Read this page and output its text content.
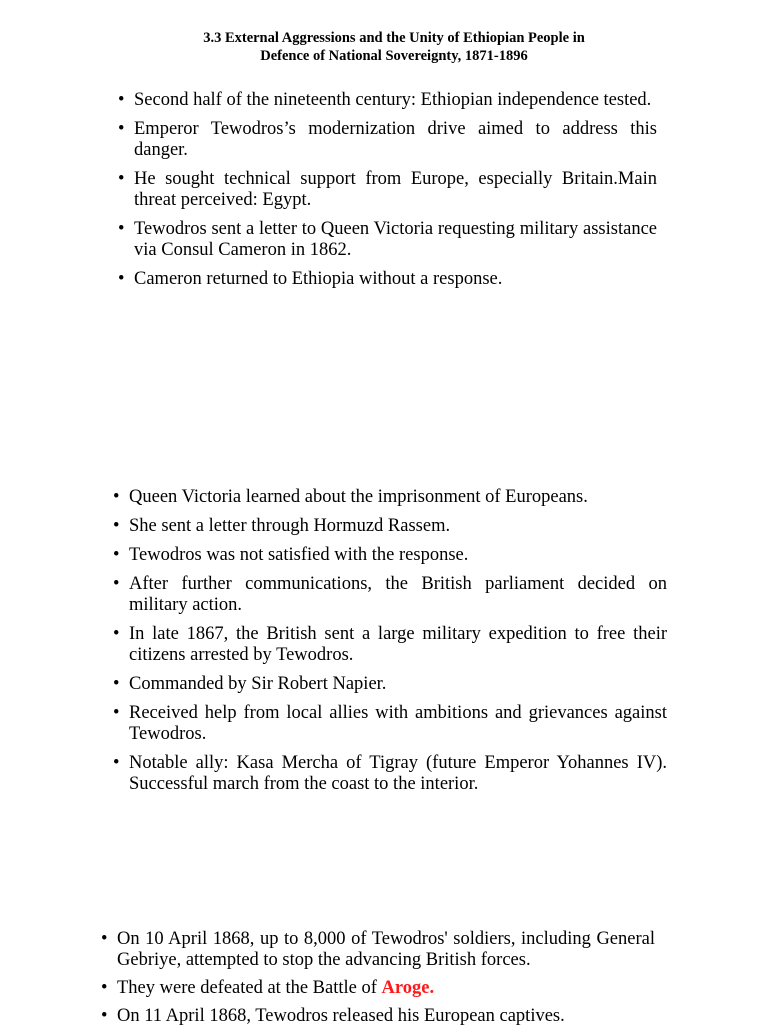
3.3 External Aggressions and the Unity of Ethiopian People in
Defence of National Sovereignty, 1871-1896
• Second half of the nineteenth century: Ethiopian independence tested.
• Emperor Tewodros’s modernization drive aimed to address this danger.
• He sought technical support from Europe, especially Britain.Main threat perceived: Egypt.
• Tewodros sent a letter to Queen Victoria requesting military assistance via Consul Cameron in 1862.
• Cameron returned to Ethiopia without a response.
• Queen Victoria learned about the imprisonment of Europeans.
• She sent a letter through Hormuzd Rassem.
• Tewodros was not satisfied with the response.
• After further communications, the British parliament decided on military action.
• In late 1867, the British sent a large military expedition to free their citizens arrested by Tewodros.
• Commanded by Sir Robert Napier.
• Received help from local allies with ambitions and grievances against Tewodros.
• Notable ally: Kasa Mercha of Tigray (future Emperor Yohannes IV). Successful march from the coast to the interior.
• On 10 April 1868, up to 8,000 of Tewodros' soldiers, including General Gebriye, attempted to stop the advancing British forces.
• They were defeated at the Battle of Aroge.
• On 11 April 1868, Tewodros released his European captives.
